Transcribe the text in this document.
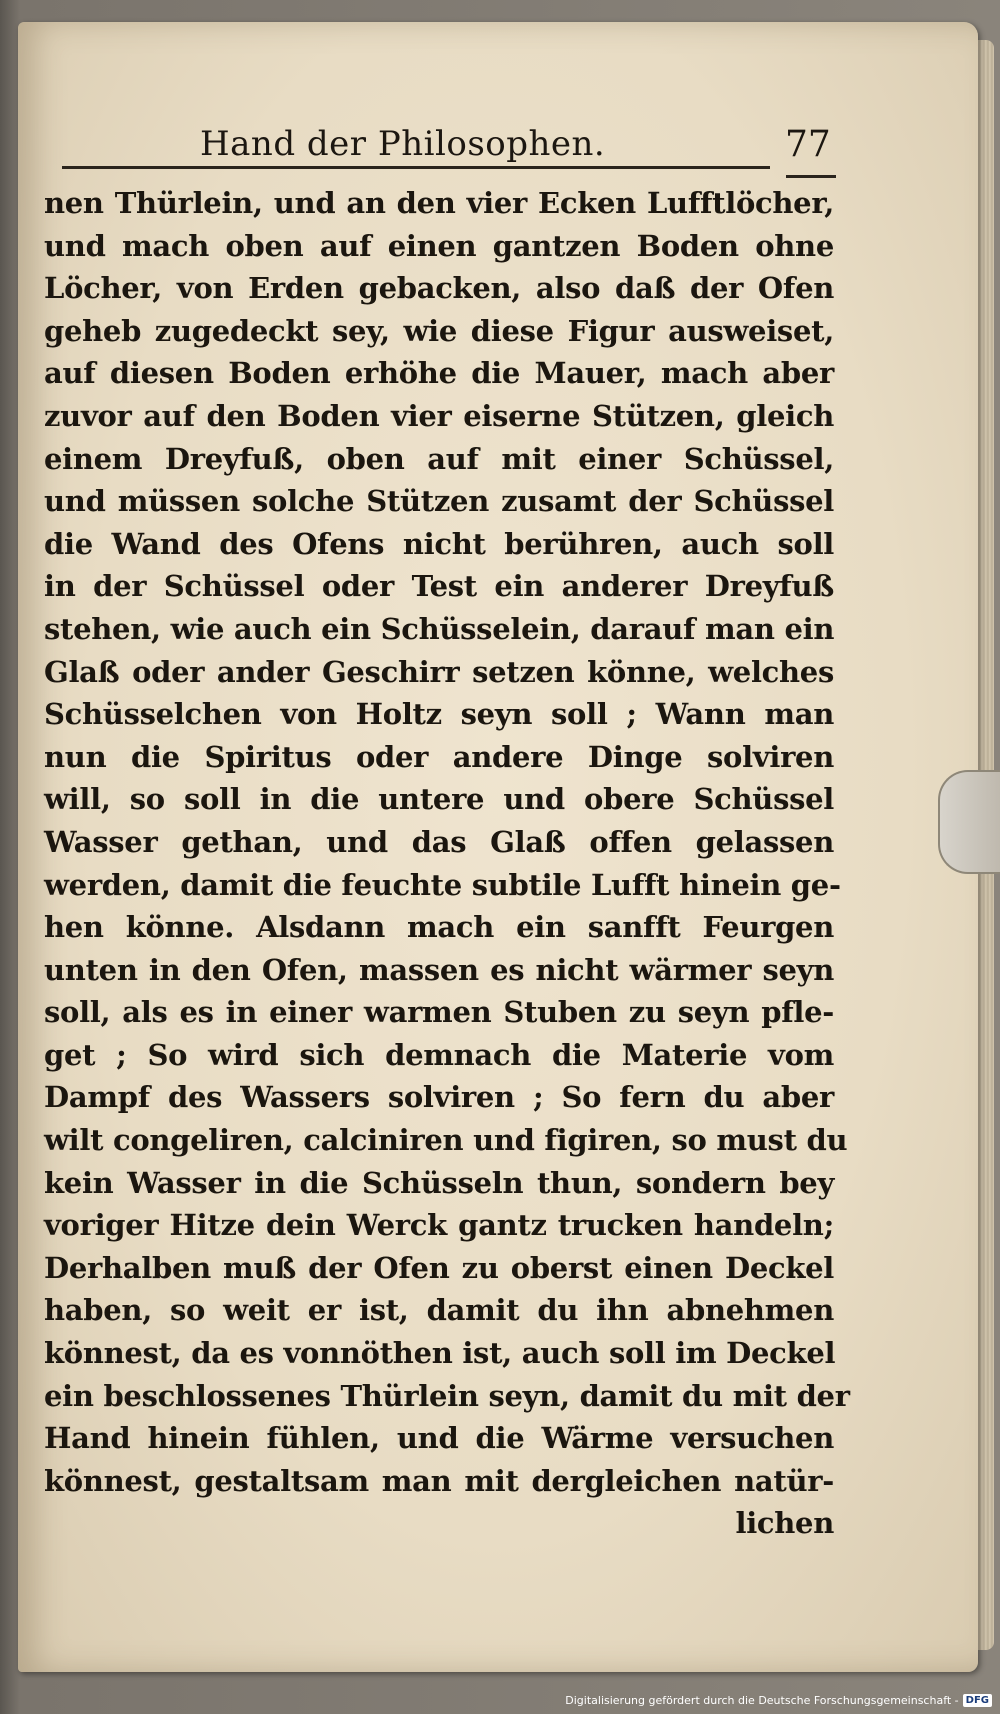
Hand der Philosophen.	77
nen Thürlein, und an den vier Ecken Lufftlöcher,
und mach oben auf einen gantzen Boden ohne
Löcher, von Erden gebacken, also daß der Ofen
geheb zugedeckt sey, wie diese Figur ausweiset,
auf diesen Boden erhöhe die Mauer, mach aber
zuvor auf den Boden vier eiserne Stützen, gleich
einem Dreyfuß, oben auf mit einer Schüssel,
und müssen solche Stützen zusamt der Schüssel
die Wand des Ofens nicht berühren, auch soll
in der Schüssel oder Test ein anderer Dreyfuß
stehen, wie auch ein Schüsselein, darauf man ein
Glaß oder ander Geschirr setzen könne, welches
Schüsselchen von Holtz seyn soll ; Wann man
nun die Spiritus oder andere Dinge solviren
will, so soll in die untere und obere Schüssel
Wasser gethan, und das Glaß offen gelassen
werden, damit die feuchte subtile Lufft hinein ge-
hen könne. Alsdann mach ein sanfft Feurgen
unten in den Ofen, massen es nicht wärmer seyn
soll, als es in einer warmen Stuben zu seyn pfle-
get ; So wird sich demnach die Materie vom
Dampf des Wassers solviren ; So fern du aber
wilt congeliren, calciniren und figiren, so must du
kein Wasser in die Schüsseln thun, sondern bey
voriger Hitze dein Werck gantz trucken handeln;
Derhalben muß der Ofen zu oberst einen Deckel
haben, so weit er ist, damit du ihn abnehmen
könnest, da es vonnöthen ist, auch soll im Deckel
ein beschlossenes Thürlein seyn, damit du mit der
Hand hinein fühlen, und die Wärme versuchen
könnest, gestaltsam man mit dergleichen natür-
lichen
Digitalisierung gefördert durch die Deutsche Forschungsgemeinschaft - DFG
